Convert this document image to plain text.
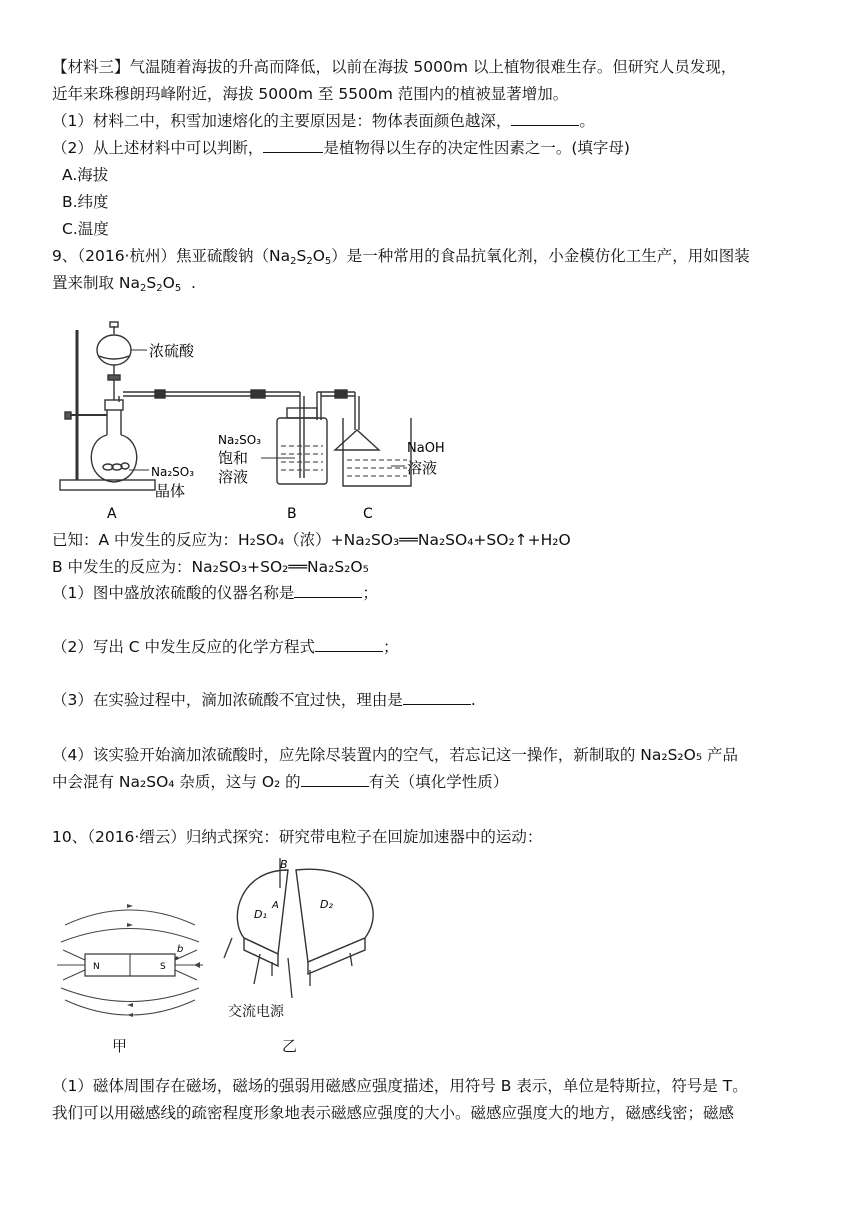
【材料三】气温随着海拔的升高而降低，以前在海拔 5000m 以上植物很难生存。但研究人员发现，
近年来珠穆朗玛峰附近，海拔 5000m 至 5500m 范围内的植被显著增加。
（1）材料二中，积雪加速熔化的主要原因是：物体表面颜色越深，	。
（2）从上述材料中可以判断，	是植物得以生存的决定性因素之一。(填字母)
A.海拔
B.纬度
C.温度
9、（2016·杭州）焦亚硫酸钠$(Na_2S_2O_5)$是一种常用的食品抗氧化剂，小金模仿化工生产，用如图装
置来制取 $Na_2S_2O_5$  .
浓硫酸
Na₂SO₃
晶体
Na₂SO₃
饱和
溶液
NaOH
溶液
A	B	C
已知：A 中发生的反应为：H₂SO₄（浓）+Na₂SO₃══Na₂SO₄+SO₂↑+H₂O
B 中发生的反应为：Na₂SO₃+SO₂══Na₂S₂O₅
（1）图中盛放浓硫酸的仪器名称是	；
（2）写出 C 中发生反应的化学方程式	；
（3）在实验过程中，滴加浓硫酸不宜过快，理由是	.
（4）该实验开始滴加浓硫酸时，应先除尽装置内的空气，若忘记这一操作，新制取的 Na₂S₂O₅ 产品
中会混有 Na₂SO₄ 杂质，这与 O₂ 的	有关（填化学性质）
10、（2016·缙云）归纳式探究：研究带电粒子在回旋加速器中的运动：
N	S
b
甲
B
D₁
A	D₂
交流电源
乙
（1）磁体周围存在磁场，磁场的强弱用磁感应强度描述，用符号 B 表示，单位是特斯拉，符号是 T。
我们可以用磁感线的疏密程度形象地表示磁感应强度的大小。磁感应强度大的地方，磁感线密；磁感
